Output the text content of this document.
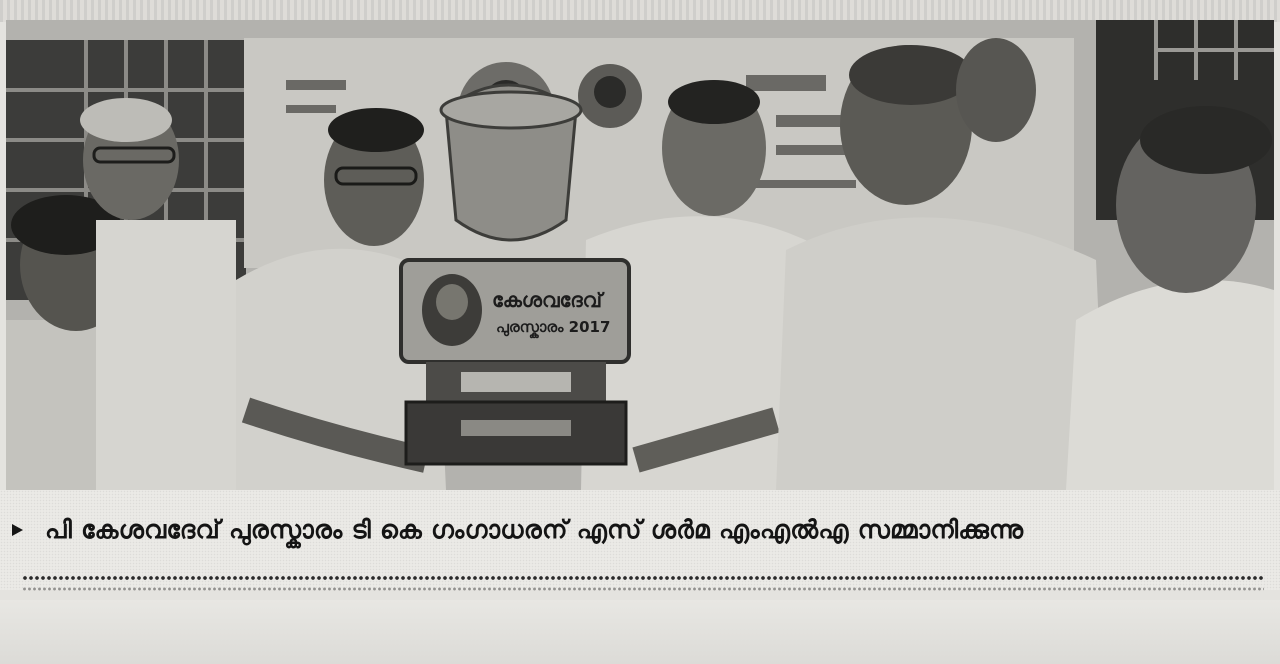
കേശവദേവ്
പുരസ്കാരം 2017
പി കേശവദേവ് പുരസ്കാരം ടി കെ ഗംഗാധരന് എസ് ശർമ എംഎൽഎ സമ്മാനിക്കുന്നു
